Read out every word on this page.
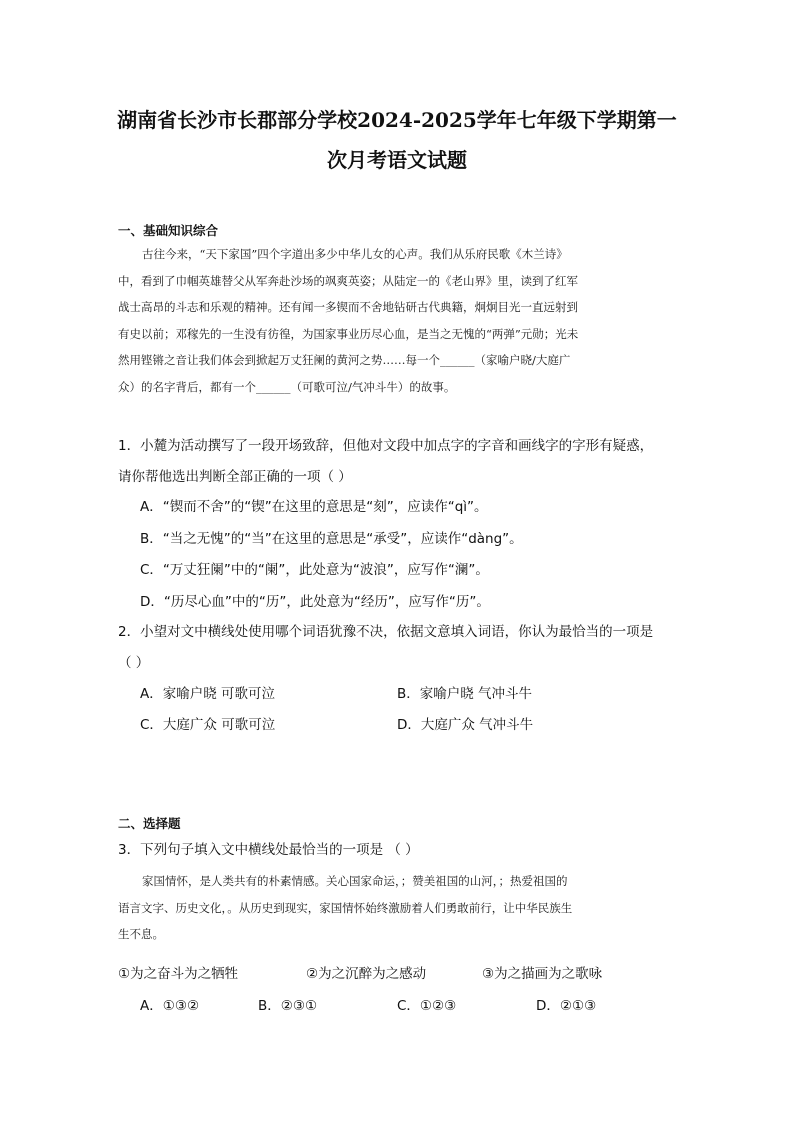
湖南省长沙市长郡部分学校2024-2025学年七年级下学期第一
次月考语文试题
一、基础知识综合
古往今来，“天下家国”四个字道出多少中华儿女的心声。我们从乐府民歌《木兰诗》
中，看到了巾帼英雄替父从军奔赴沙场的飒爽英姿；从陆定一的《老山界》里，读到了红军
战士高昂的斗志和乐观的精神。还有闻一多锲而不舍地钻研古代典籍，炯炯目光一直远射到
有史以前；邓稼先的一生没有彷徨，为国家事业历尽心血，是当之无愧的“两弹”元勋；光未
然用铿锵之音让我们体会到掀起万丈狂阑的黄河之势……每一个______（家喻户晓/大庭广
众）的名字背后，都有一个______（可歌可泣/气冲斗牛）的故事。
1．小麓为活动撰写了一段开场致辞，但他对文段中加点字的字音和画线字的字形有疑惑，
请你帮他选出判断全部正确的一项（ ）
A．“锲而不舍”的“锲”在这里的意思是“刻”，应读作“qì”。
B．“当之无愧”的“当”在这里的意思是“承受”，应读作“dàng”。
C．“万丈狂阑”中的“阑”，此处意为“波浪”，应写作“澜”。
D．“历尽心血”中的“历”，此处意为“经历”，应写作“历”。
2．小望对文中横线处使用哪个词语犹豫不决，依据文意填入词语，你认为最恰当的一项是
（ ）
A．家喻户晓 可歌可泣	B．家喻户晓 气冲斗牛
C．大庭广众 可歌可泣	D．大庭广众 气冲斗牛
二、选择题
3．下列句子填入文中横线处最恰当的一项是 （ ）
家国情怀，是人类共有的朴素情感。关心国家命运，；赞美祖国的山河，；热爱祖国的
语言文字、历史文化，。从历史到现实，家国情怀始终激励着人们勇敢前行，让中华民族生
生不息。
①为之奋斗为之牺牲	②为之沉醉为之感动	③为之描画为之歌咏
A．①③②	B．②③①	C．①②③	D．②①③
